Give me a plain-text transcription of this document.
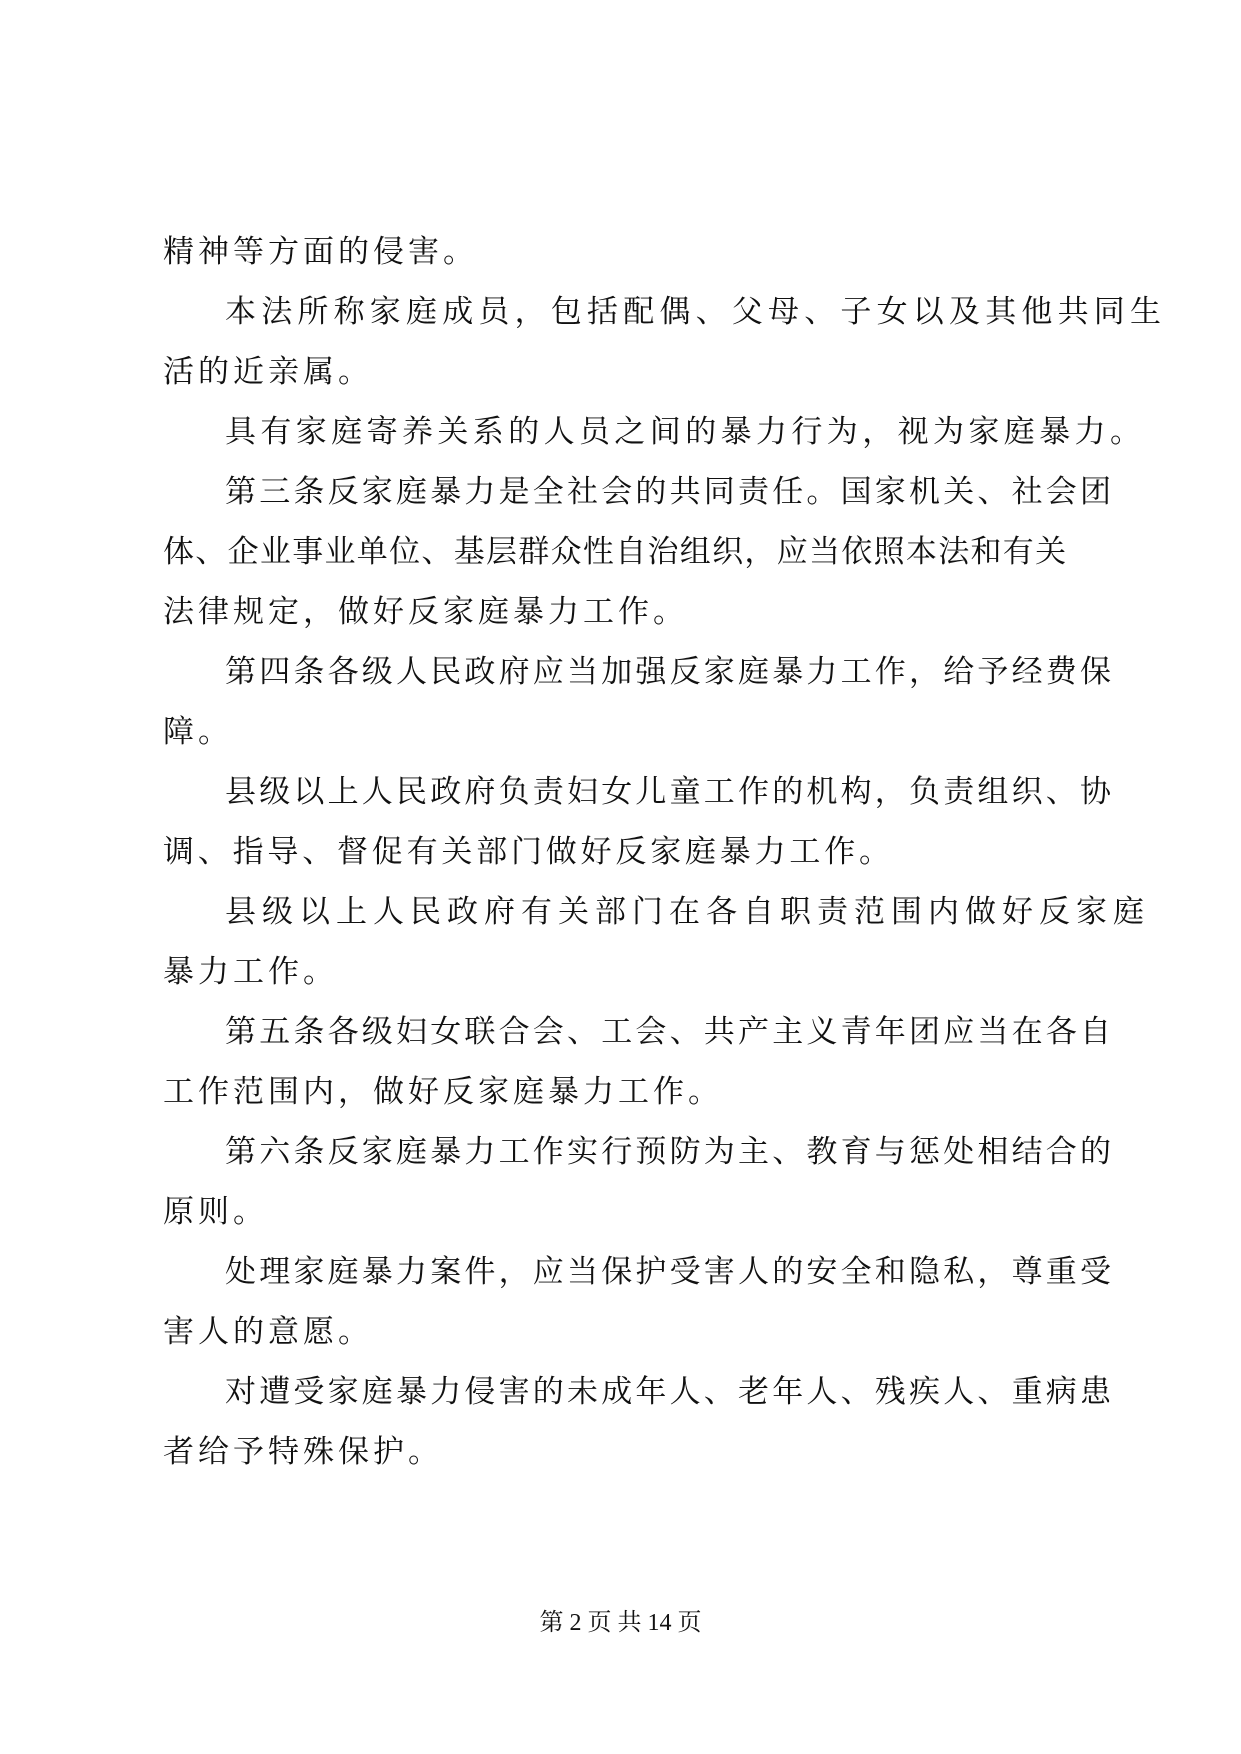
精神等方面的侵害。
本法所称家庭成员，包括配偶、父母、子女以及其他共同生
活的近亲属。
具有家庭寄养关系的人员之间的暴力行为，视为家庭暴力。
第三条反家庭暴力是全社会的共同责任。国家机关、社会团
体、企业事业单位、基层群众性自治组织，应当依照本法和有关
法律规定，做好反家庭暴力工作。
第四条各级人民政府应当加强反家庭暴力工作，给予经费保
障。
县级以上人民政府负责妇女儿童工作的机构，负责组织、协
调、指导、督促有关部门做好反家庭暴力工作。
县级以上人民政府有关部门在各自职责范围内做好反家庭
暴力工作。
第五条各级妇女联合会、工会、共产主义青年团应当在各自
工作范围内，做好反家庭暴力工作。
第六条反家庭暴力工作实行预防为主、教育与惩处相结合的
原则。
处理家庭暴力案件，应当保护受害人的安全和隐私，尊重受
害人的意愿。
对遭受家庭暴力侵害的未成年人、老年人、残疾人、重病患
者给予特殊保护。
第 2 页 共 14 页
